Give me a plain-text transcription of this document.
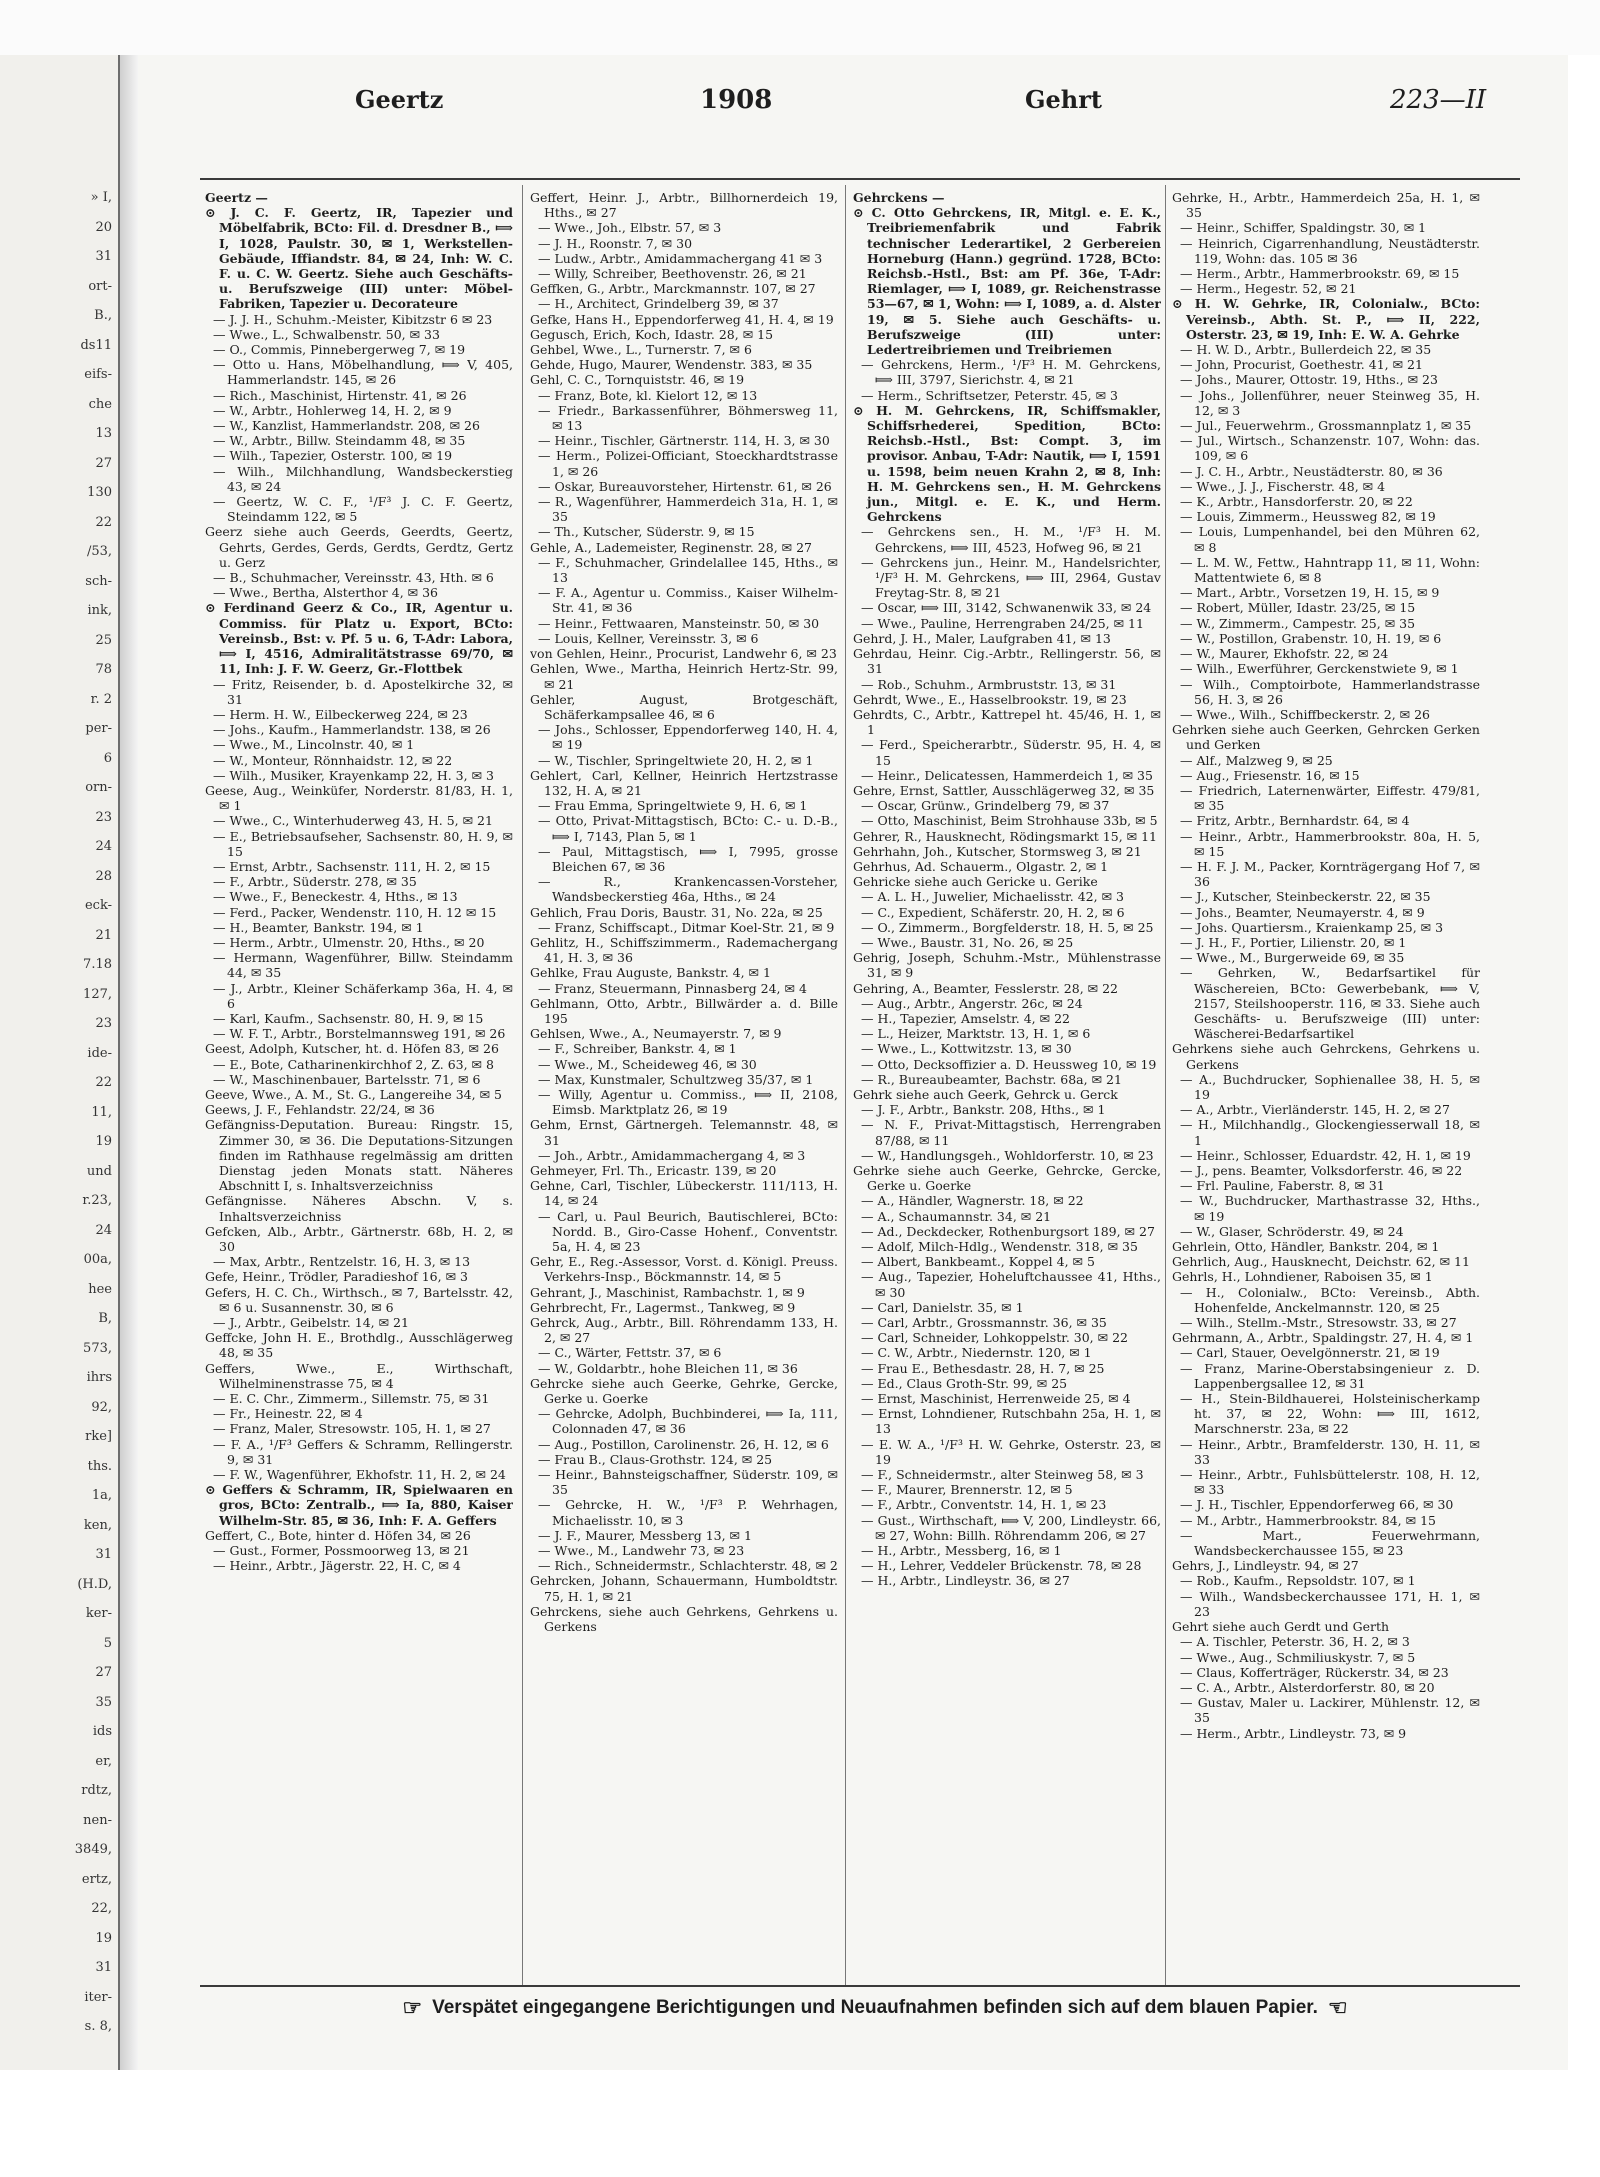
» I,
20
31
ort-
B.,
ds11
eifs-
che
13
27
130
22
/53,
sch-
ink,
25
78
r. 2
per-
6
orn-
23
24
28
eck-
21
7.18
127,
23
ide-
22
11,
19
und
r.23,
24
00a,
hee
B,
573,
ihrs
92,
rke]
ths.
1a,
ken,
31
(H.D,
ker-
5
27
35
ids
er,
rdtz,
nen-
3849,
ertz,
22,
19
31
iter-
s. 8,
Geertz	1908	Gehrt	223—II

Geertz —

⊙ J. C. F. Geertz, IR, Tapezier und Möbelfabrik, BCto: Fil. d. Dresdner B., ⟾ I, 1028, Paulstr. 30, ✉ 1, Werkstellen-Gebäude, Iffiandstr. 84, ✉ 24, Inh: W. C. F. u. C. W. Geertz. Siehe auch Geschäfts- u. Berufszweige (III) unter: Möbel-Fabriken, Tapezier u. Decorateure

— J. J. H., Schuhm.-Meister, Kibitzstr 6 ✉ 23

— Wwe., L., Schwalbenstr. 50, ✉ 33

— O., Commis, Pinnebergerweg 7, ✉ 19

— Otto u. Hans, Möbelhandlung, ⟾ V, 405, Hammerlandstr. 145, ✉ 26

— Rich., Maschinist, Hirtenstr. 41, ✉ 26

— W., Arbtr., Hohlerweg 14, H. 2, ✉ 9

— W., Kanzlist, Hammerlandstr. 208, ✉ 26

— W., Arbtr., Billw. Steindamm 48, ✉ 35

— Wilh., Tapezier, Osterstr. 100, ✉ 19

— Wilh., Milchhandlung, Wandsbeckerstieg 43, ✉ 24

— Geertz, W. C. F., ¹/F³ J. C. F. Geertz, Steindamm 122, ✉ 5

Geerz siehe auch Geerds, Geerdts, Geertz, Gehrts, Gerdes, Gerds, Gerdts, Gerdtz, Gertz u. Gerz

— B., Schuhmacher, Vereinsstr. 43, Hth. ✉ 6

— Wwe., Bertha, Alsterthor 4, ✉ 36

⊙ Ferdinand Geerz & Co., IR, Agentur u. Commiss. für Platz u. Export, BCto: Vereinsb., Bst: v. Pf. 5 u. 6, T-Adr: Labora, ⟾ I, 4516, Admiralitätstrasse 69/70, ✉ 11, Inh: J. F. W. Geerz, Gr.-Flottbek

— Fritz, Reisender, b. d. Apostelkirche 32, ✉ 31

— Herm. H. W., Eilbeckerweg 224, ✉ 23

— Johs., Kaufm., Hammerlandstr. 138, ✉ 26

— Wwe., M., Lincolnstr. 40, ✉ 1

— W., Monteur, Rönnhaidstr. 12, ✉ 22

— Wilh., Musiker, Krayenkamp 22, H. 3, ✉ 3

Geese, Aug., Weinküfer, Norderstr. 81/83, H. 1, ✉ 1

— Wwe., C., Winterhuderweg 43, H. 5, ✉ 21

— E., Betriebsaufseher, Sachsenstr. 80, H. 9, ✉ 15

— Ernst, Arbtr., Sachsenstr. 111, H. 2, ✉ 15

— F., Arbtr., Süderstr. 278, ✉ 35

— Wwe., F., Beneckestr. 4, Hths., ✉ 13

— Ferd., Packer, Wendenstr. 110, H. 12 ✉ 15

— H., Beamter, Bankstr. 194, ✉ 1

— Herm., Arbtr., Ulmenstr. 20, Hths., ✉ 20

— Hermann, Wagenführer, Billw. Steindamm 44, ✉ 35

— J., Arbtr., Kleiner Schäferkamp 36a, H. 4, ✉ 6

— Karl, Kaufm., Sachsenstr. 80, H. 9, ✉ 15

— W. F. T., Arbtr., Borstelmannsweg 191, ✉ 26

Geest, Adolph, Kutscher, ht. d. Höfen 83, ✉ 26

— E., Bote, Catharinenkirchhof 2, Z. 63, ✉ 8

— W., Maschinenbauer, Bartelsstr. 71, ✉ 6

Geeve, Wwe., A. M., St. G., Langereihe 34, ✉ 5

Geews, J. F., Fehlandstr. 22/24, ✉ 36

Gefängniss-Deputation. Bureau: Ringstr. 15, Zimmer 30, ✉ 36. Die Deputations-Sitzungen finden im Rathhause regelmässig am dritten Dienstag jeden Monats statt. Näheres Abschnitt I, s. Inhaltsverzeichniss

Gefängnisse. Näheres Abschn. V, s. Inhaltsverzeichniss

Gefcken, Alb., Arbtr., Gärtnerstr. 68b, H. 2, ✉ 30

— Max, Arbtr., Rentzelstr. 16, H. 3, ✉ 13

Gefe, Heinr., Trödler, Paradieshof 16, ✉ 3

Gefers, H. C. Ch., Wirthsch., ✉ 7, Bartelsstr. 42, ✉ 6 u. Susannenstr. 30, ✉ 6

— J., Arbtr., Geibelstr. 14, ✉ 21

Geffcke, John H. E., Brothdlg., Ausschlägerweg 48, ✉ 35

Geffers, Wwe., E., Wirthschaft, Wilhelminenstrasse 75, ✉ 4

— E. C. Chr., Zimmerm., Sillemstr. 75, ✉ 31

— Fr., Heinestr. 22, ✉ 4

— Franz, Maler, Stresowstr. 105, H. 1, ✉ 27

— F. A., ¹/F³ Geffers & Schramm, Rellingerstr. 9, ✉ 31

— F. W., Wagenführer, Ekhofstr. 11, H. 2, ✉ 24

⊙ Geffers & Schramm, IR, Spielwaaren en gros, BCto: Zentralb., ⟾ Ia, 880, Kaiser Wilhelm-Str. 85, ✉ 36, Inh: F. A. Geffers

Geffert, C., Bote, hinter d. Höfen 34, ✉ 26

— Gust., Former, Possmoorweg 13, ✉ 21

— Heinr., Arbtr., Jägerstr. 22, H. C, ✉ 4

Geffert, Heinr. J., Arbtr., Billhornerdeich 19, Hths., ✉ 27

— Wwe., Joh., Elbstr. 57, ✉ 3

— J. H., Roonstr. 7, ✉ 30

— Ludw., Arbtr., Amidammachergang 41 ✉ 3

— Willy, Schreiber, Beethovenstr. 26, ✉ 21

Geffken, G., Arbtr., Marckmannstr. 107, ✉ 27

— H., Architect, Grindelberg 39, ✉ 37

Gefke, Hans H., Eppendorferweg 41, H. 4, ✉ 19

Gegusch, Erich, Koch, Idastr. 28, ✉ 15

Gehbel, Wwe., L., Turnerstr. 7, ✉ 6

Gehde, Hugo, Maurer, Wendenstr. 383, ✉ 35

Gehl, C. C., Tornquiststr. 46, ✉ 19

— Franz, Bote, kl. Kielort 12, ✉ 13

— Friedr., Barkassenführer, Böhmersweg 11, ✉ 13

— Heinr., Tischler, Gärtnerstr. 114, H. 3, ✉ 30

— Herm., Polizei-Officiant, Stoeckhardtstrasse 1, ✉ 26

— Oskar, Bureauvorsteher, Hirtenstr. 61, ✉ 26

— R., Wagenführer, Hammerdeich 31a, H. 1, ✉ 35

— Th., Kutscher, Süderstr. 9, ✉ 15

Gehle, A., Lademeister, Reginenstr. 28, ✉ 27

— F., Schuhmacher, Grindelallee 145, Hths., ✉ 13

— F. A., Agentur u. Commiss., Kaiser Wilhelm-Str. 41, ✉ 36

— Heinr., Fettwaaren, Mansteinstr. 50, ✉ 30

— Louis, Kellner, Vereinsstr. 3, ✉ 6

von Gehlen, Heinr., Procurist, Landwehr 6, ✉ 23

Gehlen, Wwe., Martha, Heinrich Hertz-Str. 99, ✉ 21

Gehler, August, Brotgeschäft, Schäferkampsallee 46, ✉ 6

— Johs., Schlosser, Eppendorferweg 140, H. 4, ✉ 19

— W., Tischler, Springeltwiete 20, H. 2, ✉ 1

Gehlert, Carl, Kellner, Heinrich Hertzstrasse 132, H. A, ✉ 21

— Frau Emma, Springeltwiete 9, H. 6, ✉ 1

— Otto, Privat-Mittagstisch, BCto: C.- u. D.-B., ⟾ I, 7143, Plan 5, ✉ 1

— Paul, Mittagstisch, ⟾ I, 7995, grosse Bleichen 67, ✉ 36

— R., Krankencassen-Vorsteher, Wandsbeckerstieg 46a, Hths., ✉ 24

Gehlich, Frau Doris, Baustr. 31, No. 22a, ✉ 25

— Franz, Schiffscapt., Ditmar Koel-Str. 21, ✉ 9

Gehlitz, H., Schiffszimmerm., Rademachergang 41, H. 3, ✉ 36

Gehlke, Frau Auguste, Bankstr. 4, ✉ 1

— Franz, Steuermann, Pinnasberg 24, ✉ 4

Gehlmann, Otto, Arbtr., Billwärder a. d. Bille 195

Gehlsen, Wwe., A., Neumayerstr. 7, ✉ 9

— F., Schreiber, Bankstr. 4, ✉ 1

— Wwe., M., Scheideweg 46, ✉ 30

— Max, Kunstmaler, Schultzweg 35/37, ✉ 1

— Willy, Agentur u. Commiss., ⟾ II, 2108, Eimsb. Marktplatz 26, ✉ 19

Gehm, Ernst, Gärtnergeh. Telemannstr. 48, ✉ 31

— Joh., Arbtr., Amidammachergang 4, ✉ 3

Gehmeyer, Frl. Th., Ericastr. 139, ✉ 20

Gehne, Carl, Tischler, Lübeckerstr. 111/113, H. 14, ✉ 24

— Carl, u. Paul Beurich, Bautischlerei, BCto: Nordd. B., Giro-Casse Hohenf., Conventstr. 5a, H. 4, ✉ 23

Gehr, E., Reg.-Assessor, Vorst. d. Königl. Preuss. Verkehrs-Insp., Böckmannstr. 14, ✉ 5

Gehrant, J., Maschinist, Rambachstr. 1, ✉ 9

Gehrbrecht, Fr., Lagermst., Tankweg, ✉ 9

Gehrck, Aug., Arbtr., Bill. Röhrendamm 133, H. 2, ✉ 27

— C., Wärter, Fettstr. 37, ✉ 6

— W., Goldarbtr., hohe Bleichen 11, ✉ 36

Gehrcke siehe auch Geerke, Gehrke, Gercke, Gerke u. Goerke

— Gehrcke, Adolph, Buchbinderei, ⟾ Ia, 111, Colonnaden 47, ✉ 36

— Aug., Postillon, Carolinenstr. 26, H. 12, ✉ 6

— Frau B., Claus-Grothstr. 124, ✉ 25

— Heinr., Bahnsteigschaffner, Süderstr. 109, ✉ 35

— Gehrcke, H. W., ¹/F³ P. Wehrhagen, Michaelisstr. 10, ✉ 3

— J. F., Maurer, Messberg 13, ✉ 1

— Wwe., M., Landwehr 73, ✉ 23

— Rich., Schneidermstr., Schlachterstr. 48, ✉ 2

Gehrcken, Johann, Schauermann, Humboldtstr. 75, H. 1, ✉ 21

Gehrckens, siehe auch Gehrkens, Gehrkens u. Gerkens

Gehrckens —

⊙ C. Otto Gehrckens, IR, Mitgl. e. E. K., Treibriemenfabrik und Fabrik technischer Lederartikel, 2 Gerbereien Horneburg (Hann.) gegründ. 1728, BCto: Reichsb.-Hstl., Bst: am Pf. 36e, T-Adr: Riemlager, ⟾ I, 1089, gr. Reichenstrasse 53—67, ✉ 1, Wohn: ⟾ I, 1089, a. d. Alster 19, ✉ 5. Siehe auch Geschäfts- u. Berufszweige (III) unter: Ledertreibriemen und Treibriemen

— Gehrckens, Herm., ¹/F³ H. M. Gehrckens, ⟾ III, 3797, Sierichstr. 4, ✉ 21

— Herm., Schriftsetzer, Peterstr. 45, ✉ 3

⊙ H. M. Gehrckens, IR, Schiffsmakler, Schiffsrhederei, Spedition, BCto: Reichsb.-Hstl., Bst: Compt. 3, im provisor. Anbau, T-Adr: Nautik, ⟾ I, 1591 u. 1598, beim neuen Krahn 2, ✉ 8, Inh: H. M. Gehrckens sen., H. M. Gehrckens jun., Mitgl. e. E. K., und Herm. Gehrckens

— Gehrckens sen., H. M., ¹/F³ H. M. Gehrckens, ⟾ III, 4523, Hofweg 96, ✉ 21

— Gehrckens jun., Heinr. M., Handelsrichter, ¹/F³ H. M. Gehrckens, ⟾ III, 2964, Gustav Freytag-Str. 8, ✉ 21

— Oscar, ⟾ III, 3142, Schwanenwik 33, ✉ 24

— Wwe., Pauline, Herrengraben 24/25, ✉ 11

Gehrd, J. H., Maler, Laufgraben 41, ✉ 13

Gehrdau, Heinr. Cig.-Arbtr., Rellingerstr. 56, ✉ 31

— Rob., Schuhm., Armbruststr. 13, ✉ 31

Gehrdt, Wwe., E., Hasselbrookstr. 19, ✉ 23

Gehrdts, C., Arbtr., Kattrepel ht. 45/46, H. 1, ✉ 1

— Ferd., Speicherarbtr., Süderstr. 95, H. 4, ✉ 15

— Heinr., Delicatessen, Hammerdeich 1, ✉ 35

Gehre, Ernst, Sattler, Ausschlägerweg 32, ✉ 35

— Oscar, Grünw., Grindelberg 79, ✉ 37

— Otto, Maschinist, Beim Strohhause 33b, ✉ 5

Gehrer, R., Hausknecht, Rödingsmarkt 15, ✉ 11

Gehrhahn, Joh., Kutscher, Stormsweg 3, ✉ 21

Gehrhus, Ad. Schauerm., Olgastr. 2, ✉ 1

Gehricke siehe auch Gericke u. Gerike

— A. L. H., Juwelier, Michaelisstr. 42, ✉ 3

— C., Expedient, Schäferstr. 20, H. 2, ✉ 6

— O., Zimmerm., Borgfelderstr. 18, H. 5, ✉ 25

— Wwe., Baustr. 31, No. 26, ✉ 25

Gehrig, Joseph, Schuhm.-Mstr., Mühlenstrasse 31, ✉ 9

Gehring, A., Beamter, Fesslerstr. 28, ✉ 22

— Aug., Arbtr., Angerstr. 26c, ✉ 24

— H., Tapezier, Amselstr. 4, ✉ 22

— L., Heizer, Marktstr. 13, H. 1, ✉ 6

— Wwe., L., Kottwitzstr. 13, ✉ 30

— Otto, Decksoffizier a. D. Heussweg 10, ✉ 19

— R., Bureaubeamter, Bachstr. 68a, ✉ 21

Gehrk siehe auch Geerk, Gehrck u. Gerck

— J. F., Arbtr., Bankstr. 208, Hths., ✉ 1

— N. F., Privat-Mittagstisch, Herrengraben 87/88, ✉ 11

— W., Handlungsgeh., Wohldorferstr. 10, ✉ 23

Gehrke siehe auch Geerke, Gehrcke, Gercke, Gerke u. Goerke

— A., Händler, Wagnerstr. 18, ✉ 22

— A., Schaumannstr. 34, ✉ 21

— Ad., Deckdecker, Rothenburgsort 189, ✉ 27

— Adolf, Milch-Hdlg., Wendenstr. 318, ✉ 35

— Albert, Bankbeamt., Koppel 4, ✉ 5

— Aug., Tapezier, Hoheluftchaussee 41, Hths., ✉ 30

— Carl, Danielstr. 35, ✉ 1

— Carl, Arbtr., Grossmannstr. 36, ✉ 35

— Carl, Schneider, Lohkoppelstr. 30, ✉ 22

— C. W., Arbtr., Niedernstr. 120, ✉ 1

— Frau E., Bethesdastr. 28, H. 7, ✉ 25

— Ed., Claus Groth-Str. 99, ✉ 25

— Ernst, Maschinist, Herrenweide 25, ✉ 4

— Ernst, Lohndiener, Rutschbahn 25a, H. 1, ✉ 13

— E. W. A., ¹/F³ H. W. Gehrke, Osterstr. 23, ✉ 19

— F., Schneidermstr., alter Steinweg 58, ✉ 3

— F., Maurer, Brennerstr. 12, ✉ 5

— F., Arbtr., Conventstr. 14, H. 1, ✉ 23

— Gust., Wirthschaft, ⟾ V, 200, Lindleystr. 66, ✉ 27, Wohn: Billh. Röhrendamm 206, ✉ 27

— H., Arbtr., Messberg, 16, ✉ 1

— H., Lehrer, Veddeler Brückenstr. 78, ✉ 28

— H., Arbtr., Lindleystr. 36, ✉ 27

Gehrke, H., Arbtr., Hammerdeich 25a, H. 1, ✉ 35

— Heinr., Schiffer, Spaldingstr. 30, ✉ 1

— Heinrich, Cigarrenhandlung, Neustädterstr. 119, Wohn: das. 105 ✉ 36

— Herm., Arbtr., Hammerbrookstr. 69, ✉ 15

— Herm., Hegestr. 52, ✉ 21

⊙ H. W. Gehrke, IR, Colonialw., BCto: Vereinsb., Abth. St. P., ⟾ II, 222, Osterstr. 23, ✉ 19, Inh: E. W. A. Gehrke

— H. W. D., Arbtr., Bullerdeich 22, ✉ 35

— John, Procurist, Goethestr. 41, ✉ 21

— Johs., Maurer, Ottostr. 19, Hths., ✉ 23

— Johs., Jollenführer, neuer Steinweg 35, H. 12, ✉ 3

— Jul., Feuerwehrm., Grossmannplatz 1, ✉ 35

— Jul., Wirtsch., Schanzenstr. 107, Wohn: das. 109, ✉ 6

— J. C. H., Arbtr., Neustädterstr. 80, ✉ 36

— Wwe., J. J., Fischerstr. 48, ✉ 4

— K., Arbtr., Hansdorferstr. 20, ✉ 22

— Louis, Zimmerm., Heussweg 82, ✉ 19

— Louis, Lumpenhandel, bei den Mühren 62, ✉ 8

— L. M. W., Fettw., Hahntrapp 11, ✉ 11, Wohn: Mattentwiete 6, ✉ 8

— Mart., Arbtr., Vorsetzen 19, H. 15, ✉ 9

— Robert, Müller, Idastr. 23/25, ✉ 15

— W., Zimmerm., Campestr. 25, ✉ 35

— W., Postillon, Grabenstr. 10, H. 19, ✉ 6

— W., Maurer, Ekhofstr. 22, ✉ 24

— Wilh., Ewerführer, Gerckenstwiete 9, ✉ 1

— Wilh., Comptoirbote, Hammerlandstrasse 56, H. 3, ✉ 26

— Wwe., Wilh., Schiffbeckerstr. 2, ✉ 26

Gehrken siehe auch Geerken, Gehrcken Gerken und Gerken

— Alf., Malzweg 9, ✉ 25

— Aug., Friesenstr. 16, ✉ 15

— Friedrich, Laternenwärter, Eiffestr. 479/81, ✉ 35

— Fritz, Arbtr., Bernhardstr. 64, ✉ 4

— Heinr., Arbtr., Hammerbrookstr. 80a, H. 5, ✉ 15

— H. F. J. M., Packer, Kornträgergang Hof 7, ✉ 36

— J., Kutscher, Steinbeckerstr. 22, ✉ 35

— Johs., Beamter, Neumayerstr. 4, ✉ 9

— Johs. Quartiersm., Kraienkamp 25, ✉ 3

— J. H., F., Portier, Lilienstr. 20, ✉ 1

— Wwe., M., Burgerweide 69, ✉ 35

— Gehrken, W., Bedarfsartikel für Wäschereien, BCto: Gewerbebank, ⟾ V, 2157, Steilshooperstr. 116, ✉ 33. Siehe auch Geschäfts- u. Berufszweige (III) unter: Wäscherei-Bedarfsartikel

Gehrkens siehe auch Gehrckens, Gehrkens u. Gerkens

— A., Buchdrucker, Sophienallee 38, H. 5, ✉ 19

— A., Arbtr., Vierländerstr. 145, H. 2, ✉ 27

— H., Milchhandlg., Glockengiesserwall 18, ✉ 1

— Heinr., Schlosser, Eduardstr. 42, H. 1, ✉ 19

— J., pens. Beamter, Volksdorferstr. 46, ✉ 22

— Frl. Pauline, Faberstr. 8, ✉ 31

— W., Buchdrucker, Marthastrasse 32, Hths., ✉ 19

— W., Glaser, Schröderstr. 49, ✉ 24

Gehrlein, Otto, Händler, Bankstr. 204, ✉ 1

Gehrlich, Aug., Hausknecht, Deichstr. 62, ✉ 11

Gehrls, H., Lohndiener, Raboisen 35, ✉ 1

— H., Colonialw., BCto: Vereinsb., Abth. Hohenfelde, Anckelmannstr. 120, ✉ 25

— Wilh., Stellm.-Mstr., Stresowstr. 33, ✉ 27

Gehrmann, A., Arbtr., Spaldingstr. 27, H. 4, ✉ 1

— Carl, Stauer, Oevelgönnerstr. 21, ✉ 19

— Franz, Marine-Oberstabsingenieur z. D. Lappenbergsallee 12, ✉ 31

— H., Stein-Bildhauerei, Holsteinischerkamp ht. 37, ✉ 22, Wohn: ⟾ III, 1612, Marschnerstr. 23a, ✉ 22

— Heinr., Arbtr., Bramfelderstr. 130, H. 11, ✉ 33

— Heinr., Arbtr., Fuhlsbüttelerstr. 108, H. 12, ✉ 33

— J. H., Tischler, Eppendorferweg 66, ✉ 30

— M., Arbtr., Hammerbrookstr. 84, ✉ 15

— Mart., Feuerwehrmann, Wandsbeckerchaussee 155, ✉ 23

Gehrs, J., Lindleystr. 94, ✉ 27

— Rob., Kaufm., Repsoldstr. 107, ✉ 1

— Wilh., Wandsbeckerchaussee 171, H. 1, ✉ 23

Gehrt siehe auch Gerdt und Gerth

— A. Tischler, Peterstr. 36, H. 2, ✉ 3

— Wwe., Aug., Schmiliuskystr. 7, ✉ 5

— Claus, Kofferträger, Rückerstr. 34, ✉ 23

— C. A., Arbtr., Alsterdorferstr. 80, ✉ 20

— Gustav, Maler u. Lackirer, Mühlenstr. 12, ✉ 35

— Herm., Arbtr., Lindleystr. 73, ✉ 9

☞ Verspätet eingegangene Berichtigungen und Neuaufnahmen befinden sich auf dem blauen Papier. ☜
